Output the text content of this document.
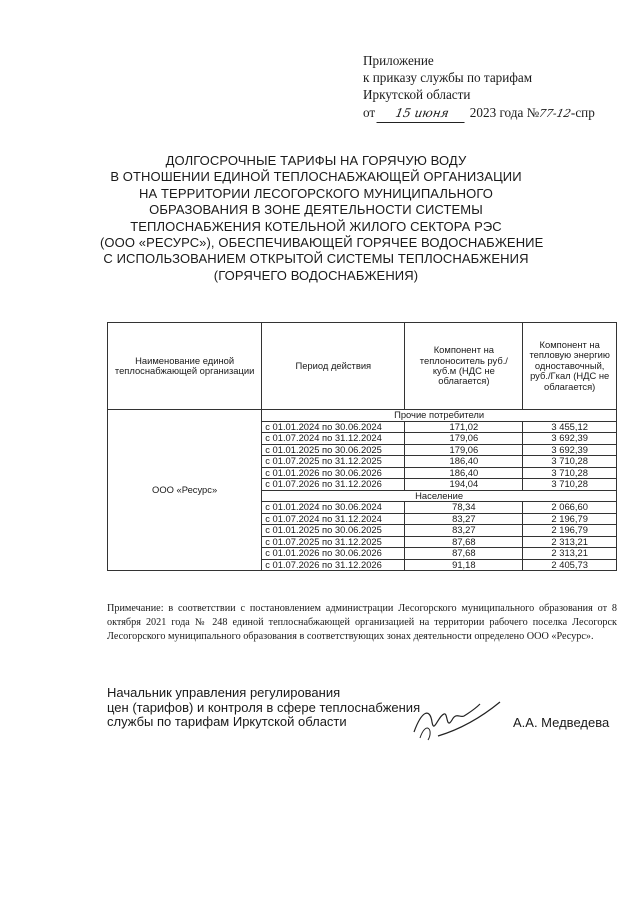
Приложение
к приказу службы по тарифам
Иркутской области
от 15 июня 2023 года №77-12-спр
ДОЛГОСРОЧНЫЕ ТАРИФЫ НА ГОРЯЧУЮ ВОДУ
В ОТНОШЕНИИ ЕДИНОЙ ТЕПЛОСНАБЖАЮЩЕЙ ОРГАНИЗАЦИИ
НА ТЕРРИТОРИИ ЛЕСОГОРСКОГО МУНИЦИПАЛЬНОГО
ОБРАЗОВАНИЯ В ЗОНЕ ДЕЯТЕЛЬНОСТИ СИСТЕМЫ
ТЕПЛОСНАБЖЕНИЯ КОТЕЛЬНОЙ ЖИЛОГО СЕКТОРА РЭС
(ООО «РЕСУРС»), ОБЕСПЕЧИВАЮЩЕЙ ГОРЯЧЕЕ ВОДОСНАБЖЕНИЕ
С ИСПОЛЬЗОВАНИЕМ ОТКРЫТОЙ СИСТЕМЫ ТЕПЛОСНАБЖЕНИЯ
(ГОРЯЧЕГО ВОДОСНАБЖЕНИЯ)
Наименование единой теплоснабжающей организации	Период действия	Компонент на теплоноситель руб./куб.м (НДС не облагается)	Компонент на тепловую энергию одноставочный, руб./Гкал (НДС не облагается)
ООО «Ресурс»	Прочие потребители		
	с 01.01.2024 по 30.06.2024	171,02	3 455,12
	с 01.07.2024 по 31.12.2024	179,06	3 692,39
	с 01.01.2025 по 30.06.2025	179,06	3 692,39
	с 01.07.2025 по 31.12.2025	186,40	3 710,28
	с 01.01.2026 по 30.06.2026	186,40	3 710,28
	с 01.07.2026 по 31.12.2026	194,04	3 710,28
	Население		
	с 01.01.2024 по 30.06.2024	78,34	2 066,60
	с 01.07.2024 по 31.12.2024	83,27	2 196,79
	с 01.01.2025 по 30.06.2025	83,27	2 196,79
	с 01.07.2025 по 31.12.2025	87,68	2 313,21
	с 01.01.2026 по 30.06.2026	87,68	2 313,21
	с 01.07.2026 по 31.12.2026	91,18	2 405,73
Примечание: в соответствии с постановлением администрации Лесогорского муниципального образования от 8 октября 2021 года № 248 единой теплоснабжающей организацией на территории рабочего поселка Лесогорск Лесогорского муниципального образования в соответствующих зонах деятельности определено ООО «Ресурс».
Начальник управления регулирования
цен (тарифов) и контроля в сфере теплоснабжения
службы по тарифам Иркутской области	А.А. Медведева
